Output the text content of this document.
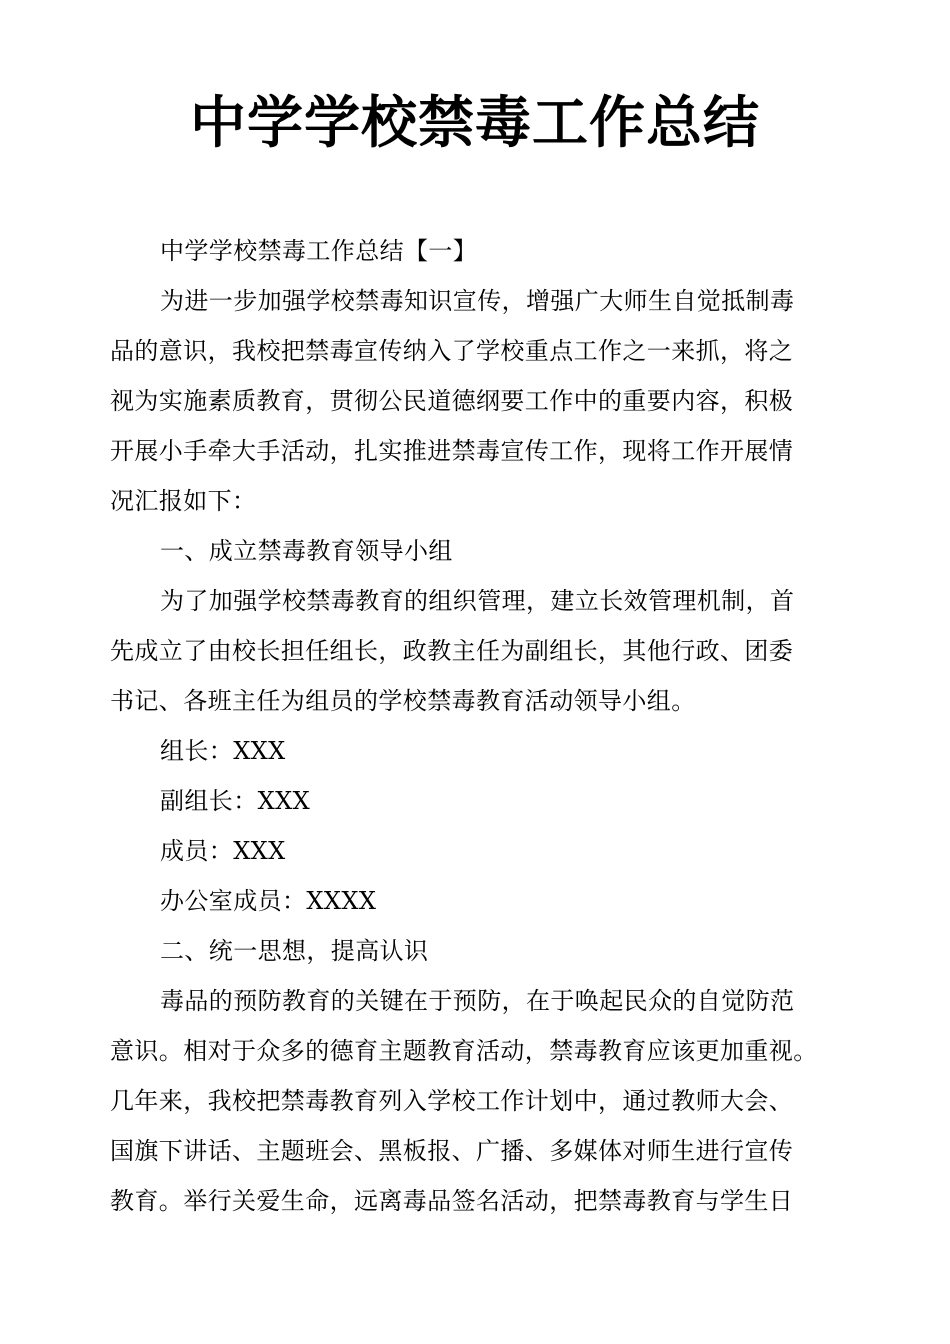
中学学校禁毒工作总结
中学学校禁毒工作总结【一】
为进一步加强学校禁毒知识宣传，增强广大师生自觉抵制毒
品的意识，我校把禁毒宣传纳入了学校重点工作之一来抓，将之
视为实施素质教育，贯彻公民道德纲要工作中的重要内容，积极
开展小手牵大手活动，扎实推进禁毒宣传工作，现将工作开展情
况汇报如下：
一、成立禁毒教育领导小组
为了加强学校禁毒教育的组织管理，建立长效管理机制，首
先成立了由校长担任组长，政教主任为副组长，其他行政、团委
书记、各班主任为组员的学校禁毒教育活动领导小组。
组长：XXX
副组长：XXX
成员：XXX
办公室成员：XXXX
二、统一思想，提高认识
毒品的预防教育的关键在于预防，在于唤起民众的自觉防范
意识。相对于众多的德育主题教育活动，禁毒教育应该更加重视。
几年来，我校把禁毒教育列入学校工作计划中，通过教师大会、
国旗下讲话、主题班会、黑板报、广播、多媒体对师生进行宣传
教育。举行关爱生命，远离毒品签名活动，把禁毒教育与学生日
